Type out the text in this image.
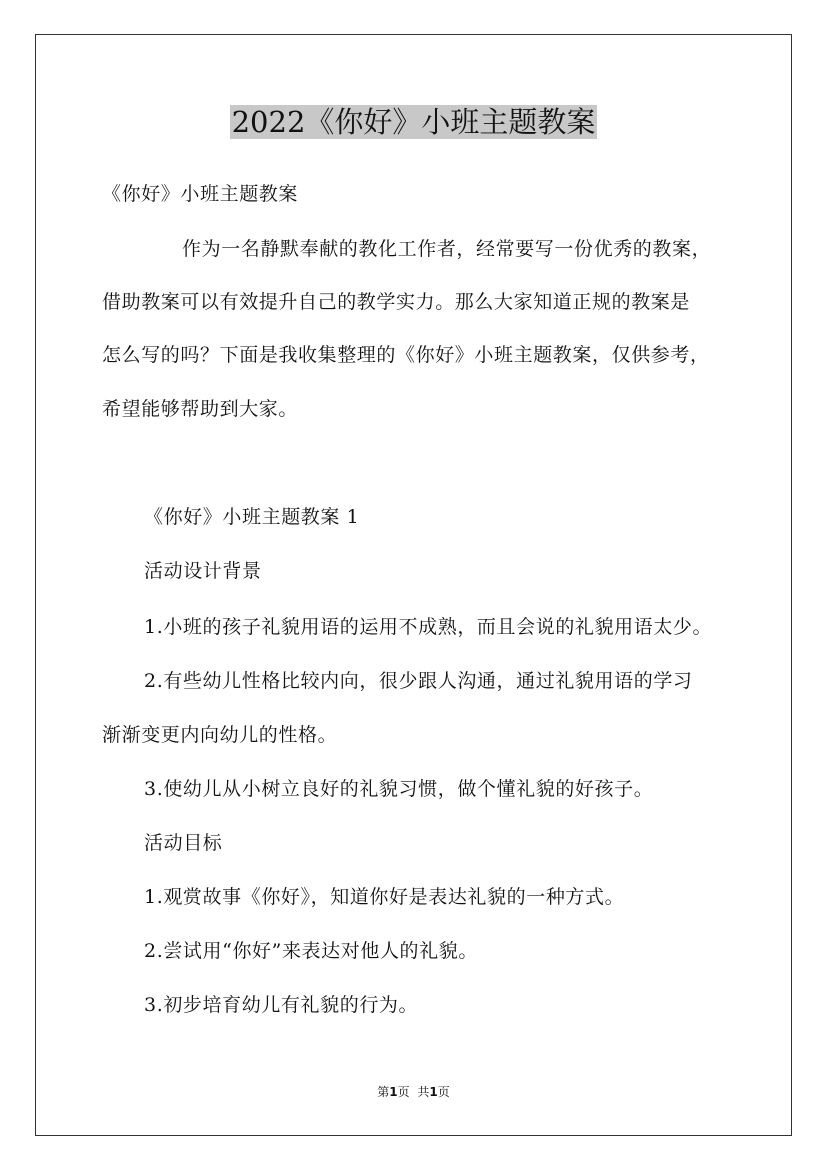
2022《你好》小班主题教案
《你好》小班主题教案
作为一名静默奉献的教化工作者，经常要写一份优秀的教案，
借助教案可以有效提升自己的教学实力。那么大家知道正规的教案是
怎么写的吗？下面是我收集整理的《你好》小班主题教案，仅供参考，
希望能够帮助到大家。
《你好》小班主题教案 1
活动设计背景
1.小班的孩子礼貌用语的运用不成熟，而且会说的礼貌用语太少。
2.有些幼儿性格比较内向，很少跟人沟通，通过礼貌用语的学习
渐渐变更内向幼儿的性格。
3.使幼儿从小树立良好的礼貌习惯，做个懂礼貌的好孩子。
活动目标
1.观赏故事《你好》，知道你好是表达礼貌的一种方式。
2.尝试用“你好”来表达对他人的礼貌。
3.初步培育幼儿有礼貌的行为。
第1页 共1页
